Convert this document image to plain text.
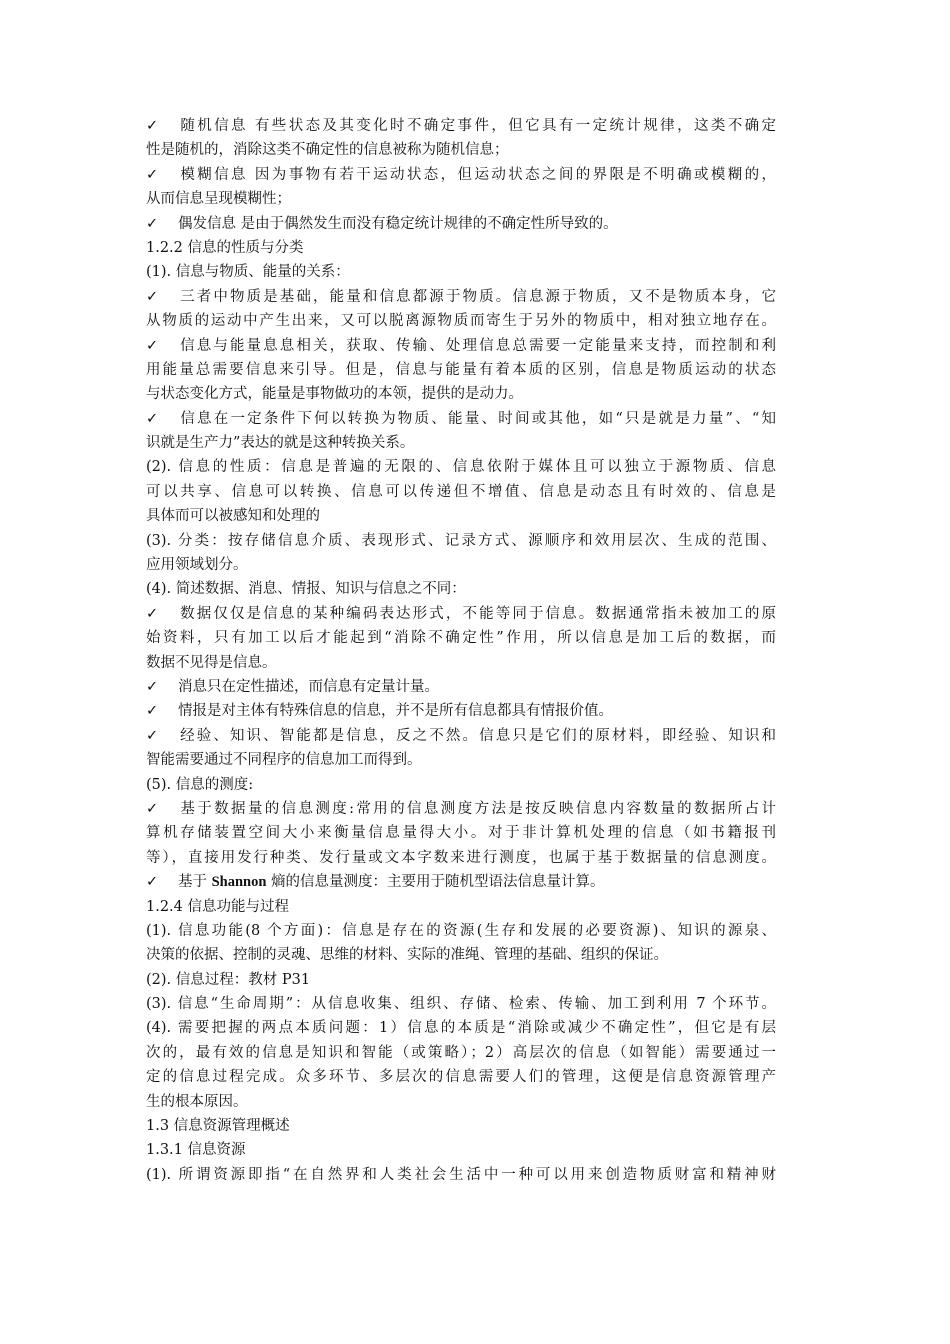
✓随机信息 有些状态及其变化时不确定事件，但它具有一定统计规律，这类不确定
性是随机的，消除这类不确定性的信息被称为随机信息；
✓模糊信息 因为事物有若干运动状态，但运动状态之间的界限是不明确或模糊的，
从而信息呈现模糊性；
✓偶发信息 是由于偶然发生而没有稳定统计规律的不确定性所导致的。
1.2.2 信息的性质与分类
(1). 信息与物质、能量的关系：
✓三者中物质是基础，能量和信息都源于物质。信息源于物质，又不是物质本身，它
从物质的运动中产生出来，又可以脱离源物质而寄生于另外的物质中，相对独立地存在。
✓信息与能量息息相关，获取、传输、处理信息总需要一定能量来支持，而控制和利
用能量总需要信息来引导。但是，信息与能量有着本质的区别，信息是物质运动的状态
与状态变化方式，能量是事物做功的本领，提供的是动力。
✓信息在一定条件下何以转换为物质、能量、时间或其他，如“只是就是力量”、“知
识就是生产力”表达的就是这种转换关系。
(2). 信息的性质：信息是普遍的无限的、信息依附于媒体且可以独立于源物质、信息
可以共享、信息可以转换、信息可以传递但不增值、信息是动态且有时效的、信息是
具体而可以被感知和处理的
(3). 分类：按存储信息介质、表现形式、记录方式、源顺序和效用层次、生成的范围、
应用领域划分。
(4). 简述数据、消息、情报、知识与信息之不同：
✓数据仅仅是信息的某种编码表达形式，不能等同于信息。数据通常指未被加工的原
始资料，只有加工以后才能起到“消除不确定性”作用，所以信息是加工后的数据，而
数据不见得是信息。
✓消息只在定性描述，而信息有定量计量。
✓情报是对主体有特殊信息的信息，并不是所有信息都具有情报价值。
✓经验、知识、智能都是信息，反之不然。信息只是它们的原材料，即经验、知识和
智能需要通过不同程序的信息加工而得到。
(5). 信息的测度:
✓基于数据量的信息测度:常用的信息测度方法是按反映信息内容数量的数据所占计
算机存储装置空间大小来衡量信息量得大小。对于非计算机处理的信息（如书籍报刊
等），直接用发行种类、发行量或文本字数来进行测度，也属于基于数据量的信息测度。
✓基于 Shannon 熵的信息量测度：主要用于随机型语法信息量计算。
1.2.4 信息功能与过程
(1). 信息功能(8 个方面)：信息是存在的资源(生存和发展的必要资源)、知识的源泉、
决策的依据、控制的灵魂、思维的材料、实际的准绳、管理的基础、组织的保证。
(2). 信息过程：教材 P31
(3). 信息“生命周期”：从信息收集、组织、存储、检索、传输、加工到利用 7 个环节。
(4). 需要把握的两点本质问题：1）信息的本质是“消除或减少不确定性”，但它是有层
次的，最有效的信息是知识和智能（或策略）；2）高层次的信息（如智能）需要通过一
定的信息过程完成。众多环节、多层次的信息需要人们的管理，这便是信息资源管理产
生的根本原因。
1.3 信息资源管理概述
1.3.1 信息资源
(1). 所谓资源即指“在自然界和人类社会生活中一种可以用来创造物质财富和精神财
